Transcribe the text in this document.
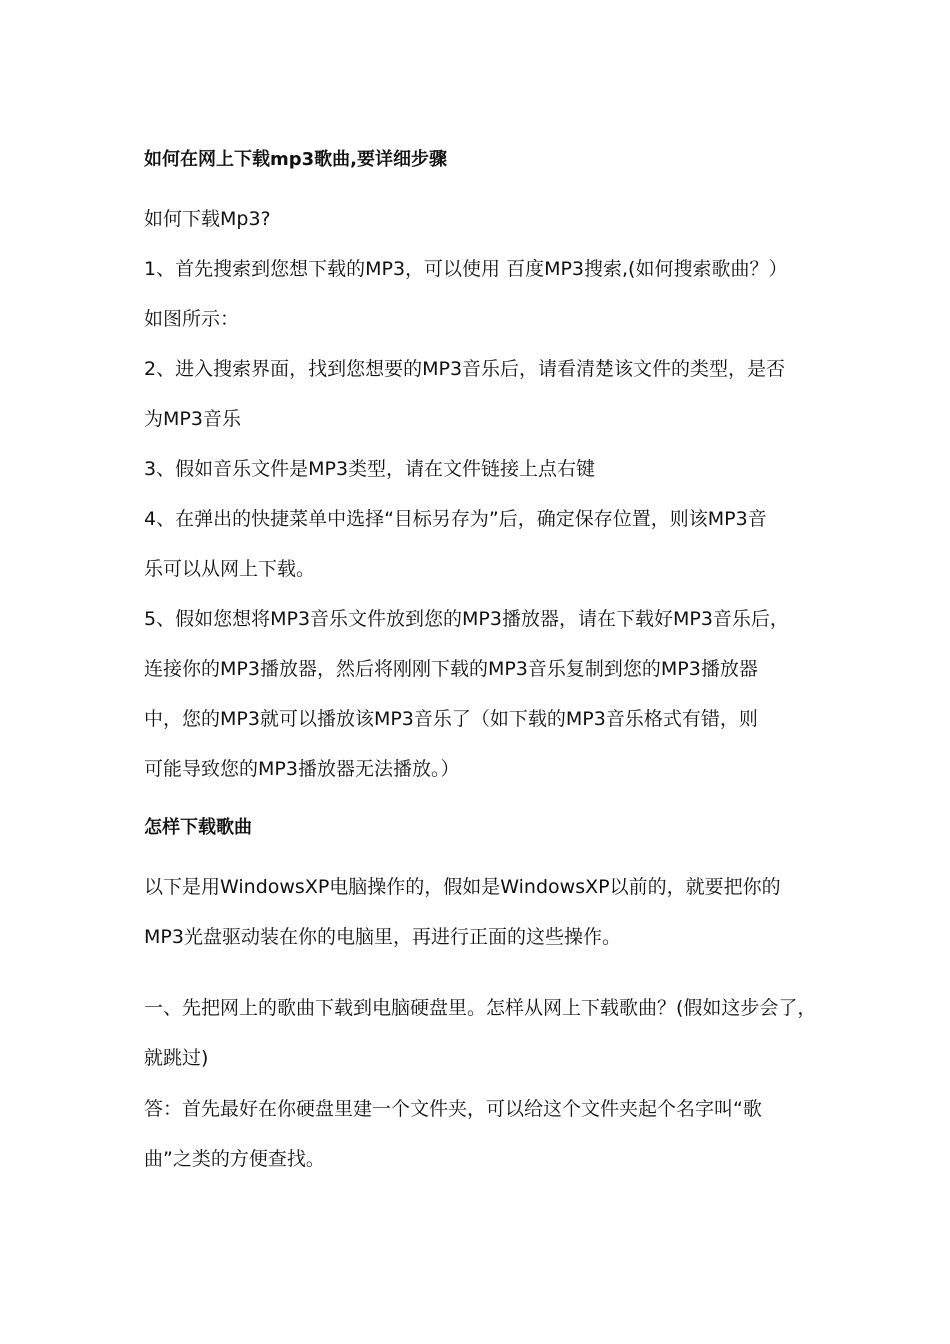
如何在网上下载mp3歌曲,要详细步骤
如何下载Mp3?
1、首先搜索到您想下载的MP3，可以使用 百度MP3搜索,(如何搜索歌曲？）
如图所示：
2、进入搜索界面，找到您想要的MP3音乐后，请看清楚该文件的类型，是否
为MP3音乐
3、假如音乐文件是MP3类型，请在文件链接上点右键
4、在弹出的快捷菜单中选择“目标另存为”后，确定保存位置，则该MP3音
乐可以从网上下载。
5、假如您想将MP3音乐文件放到您的MP3播放器，请在下载好MP3音乐后，
连接你的MP3播放器，然后将刚刚下载的MP3音乐复制到您的MP3播放器
中，您的MP3就可以播放该MP3音乐了（如下载的MP3音乐格式有错，则
可能导致您的MP3播放器无法播放。）
怎样下载歌曲
以下是用WindowsXP电脑操作的，假如是WindowsXP以前的，就要把你的
MP3光盘驱动装在你的电脑里，再进行正面的这些操作。
一、先把网上的歌曲下载到电脑硬盘里。怎样从网上下载歌曲？(假如这步会了，
就跳过)
答：首先最好在你硬盘里建一个文件夹，可以给这个文件夹起个名字叫“歌
曲”之类的方便查找。
